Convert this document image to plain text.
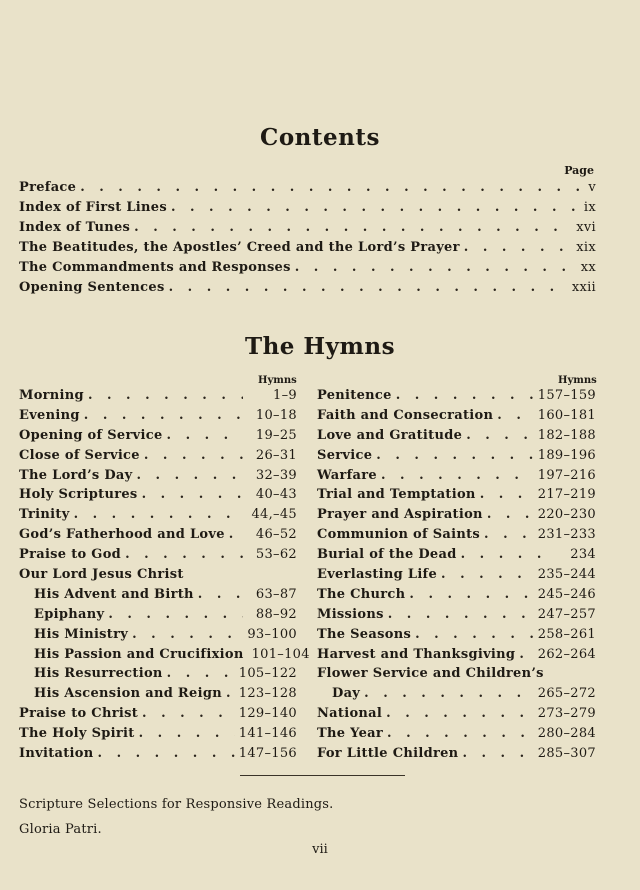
Contents
Page
Preface . . .	v
Index of First Lines . . .	ix
Index of Tunes . . .	xvi
The Beatitudes, the Apostles’ Creed and the Lord’s Prayer . . .	xix
The Commandments and Responses . . .	xx
Opening Sentences . . .	xxii
The Hymns
Hymns	Hymns
Morning . . .	1–9
Evening . . .	10–18
Opening of Service . . .	19–25
Close of Service . . .	26–31
The Lord’s Day . . .	32–39
Holy Scriptures . . .	40–43
Trinity . . .	44,–45
God’s Fatherhood and Love . . .	46–52
Praise to God . . .	53–62
Our Lord Jesus Christ
His Advent and Birth . . .	63–87
Epiphany . . .	88–92
His Ministry . . .	93–100
His Passion and Crucifixion 101–104
His Resurrection . . .	105–122
His Ascension and Reign . . . 123–128
Praise to Christ . . .	129–140
The Holy Spirit . . .	141–146
Invitation . . .	147–156
Penitence . . .	157–159
Faith and Consecration . . .	160–181
Love and Gratitude . . .	182–188
Service . . .	189–196
Warfare . . .	197–216
Trial and Temptation . . .	217–219
Prayer and Aspiration . . .	220–230
Communion of Saints . . .	231–233
Burial of the Dead . . .	234
Everlasting Life . . .	235–244
The Church . . .	245–246
Missions . . .	247–257
The Seasons . . .	258–261
Harvest and Thanksgiving . . . 262–264
Flower Service and Children’s
Day . . .	265–272
National . . .	273–279
The Year . . .	280–284
For Little Children . . .	285–307
Scripture Selections for Responsive Readings.
Gloria Patri.
vii
